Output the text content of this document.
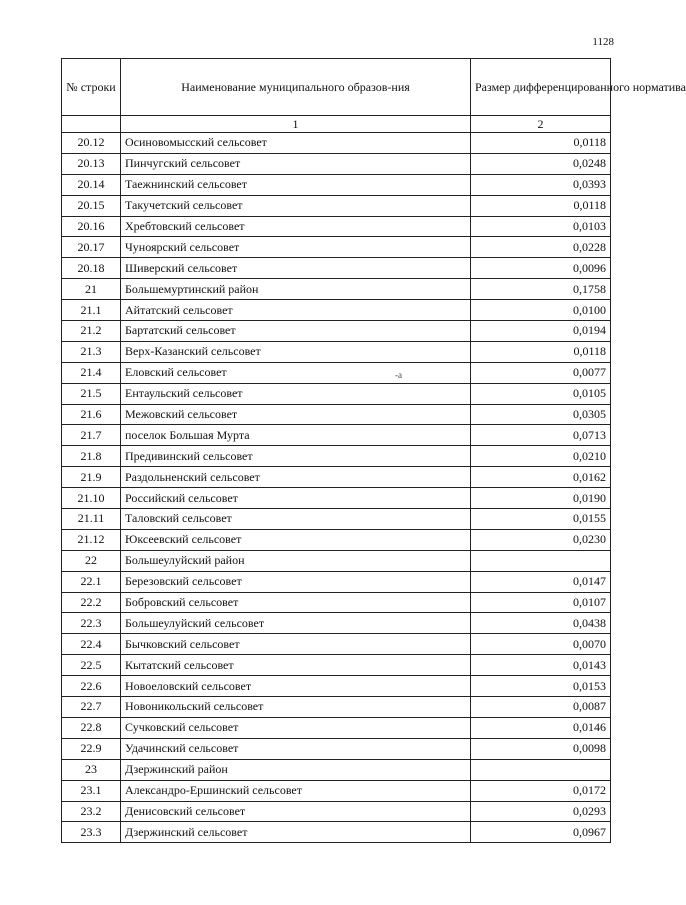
1128
-a
№ строки	Наименование муниципального образов-ния	Размер дифференцированного норматива
	1	2
20.12	Осиновомысский сельсовет	0,0118
20.13	Пинчугский сельсовет	0,0248
20.14	Таежнинский сельсовет	0,0393
20.15	Такучетский сельсовет	0,0118
20.16	Хребтовский сельсовет	0,0103
20.17	Чуноярский сельсовет	0,0228
20.18	Шиверский сельсовет	0,0096
21	Большемуртинский район	0,1758
21.1	Айтатский сельсовет	0,0100
21.2	Бартатский сельсовет	0,0194
21.3	Верх-Казанский сельсовет	0,0118
21.4	Еловский сельсовет	0,0077
21.5	Ентаульский сельсовет	0,0105
21.6	Межовский сельсовет	0,0305
21.7	поселок Большая Мурта	0,0713
21.8	Предивинский сельсовет	0,0210
21.9	Раздольненский сельсовет	0,0162
21.10	Российский сельсовет	0,0190
21.11	Таловский сельсовет	0,0155
21.12	Юксеевский сельсовет	0,0230
22	Большеулуйский район	
22.1	Березовский сельсовет	0,0147
22.2	Бобровский сельсовет	0,0107
22.3	Большеулуйский сельсовет	0,0438
22.4	Бычковский сельсовет	0,0070
22.5	Кытатский сельсовет	0,0143
22.6	Новоеловский сельсовет	0,0153
22.7	Новоникольский сельсовет	0,0087
22.8	Сучковский сельсовет	0,0146
22.9	Удачинский сельсовет	0,0098
23	Дзержинский район	
23.1	Александро-Ершинский сельсовет	0,0172
23.2	Денисовский сельсовет	0,0293
23.3	Дзержинский сельсовет	0,0967
